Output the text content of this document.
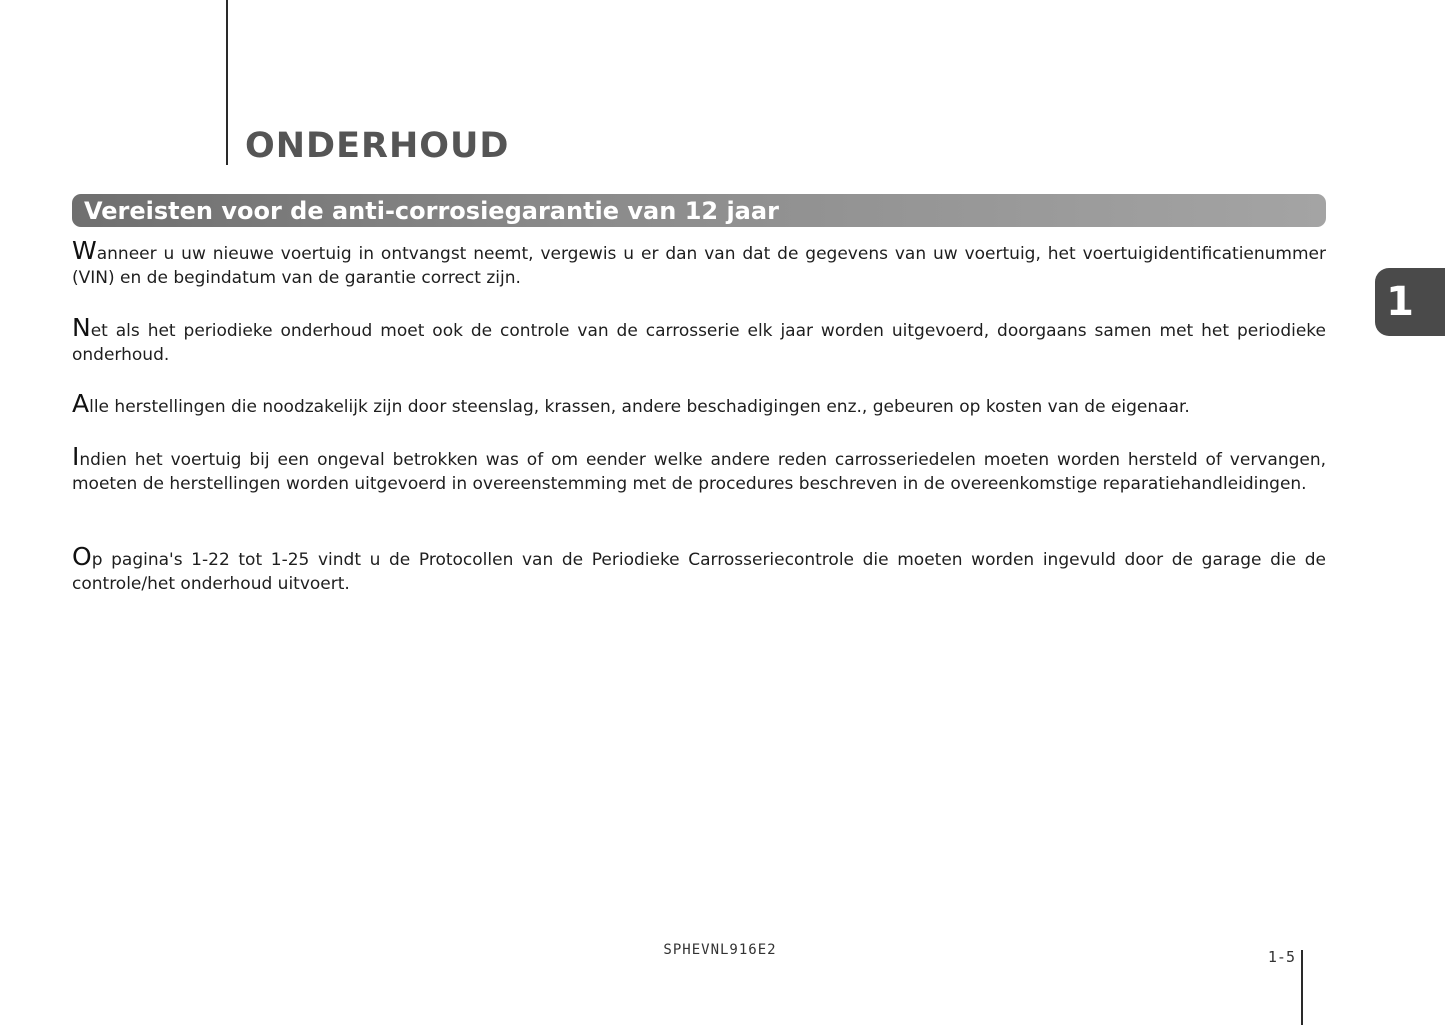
ONDERHOUD
Vereisten voor de anti-corrosiegarantie van 12 jaar

Wanneer u uw nieuwe voertuig in ontvangst neemt, vergewis u er dan van dat de gegevens van uw voertuig, het voertuigidentificatienummer (VIN) en de begindatum van de garantie correct zijn.

Net als het periodieke onderhoud moet ook de controle van de carrosserie elk jaar worden uitgevoerd, doorgaans samen met het periodieke onderhoud.

Alle herstellingen die noodzakelijk zijn door steenslag, krassen, andere beschadigingen enz., gebeuren op kosten van de eigenaar.

Indien het voertuig bij een ongeval betrokken was of om eender welke andere reden carrosseriedelen moeten worden hersteld of vervangen, moeten de herstellingen worden uitgevoerd in overeenstemming met de procedures beschreven in de overeenkomstige reparatiehandleidingen.

Op pagina's 1-22 tot 1-25 vindt u de Protocollen van de Periodieke Carrosseriecontrole die moeten worden ingevuld door de garage die de controle/het onderhoud uitvoert.

1
SPHEVNL916E2	1-5
